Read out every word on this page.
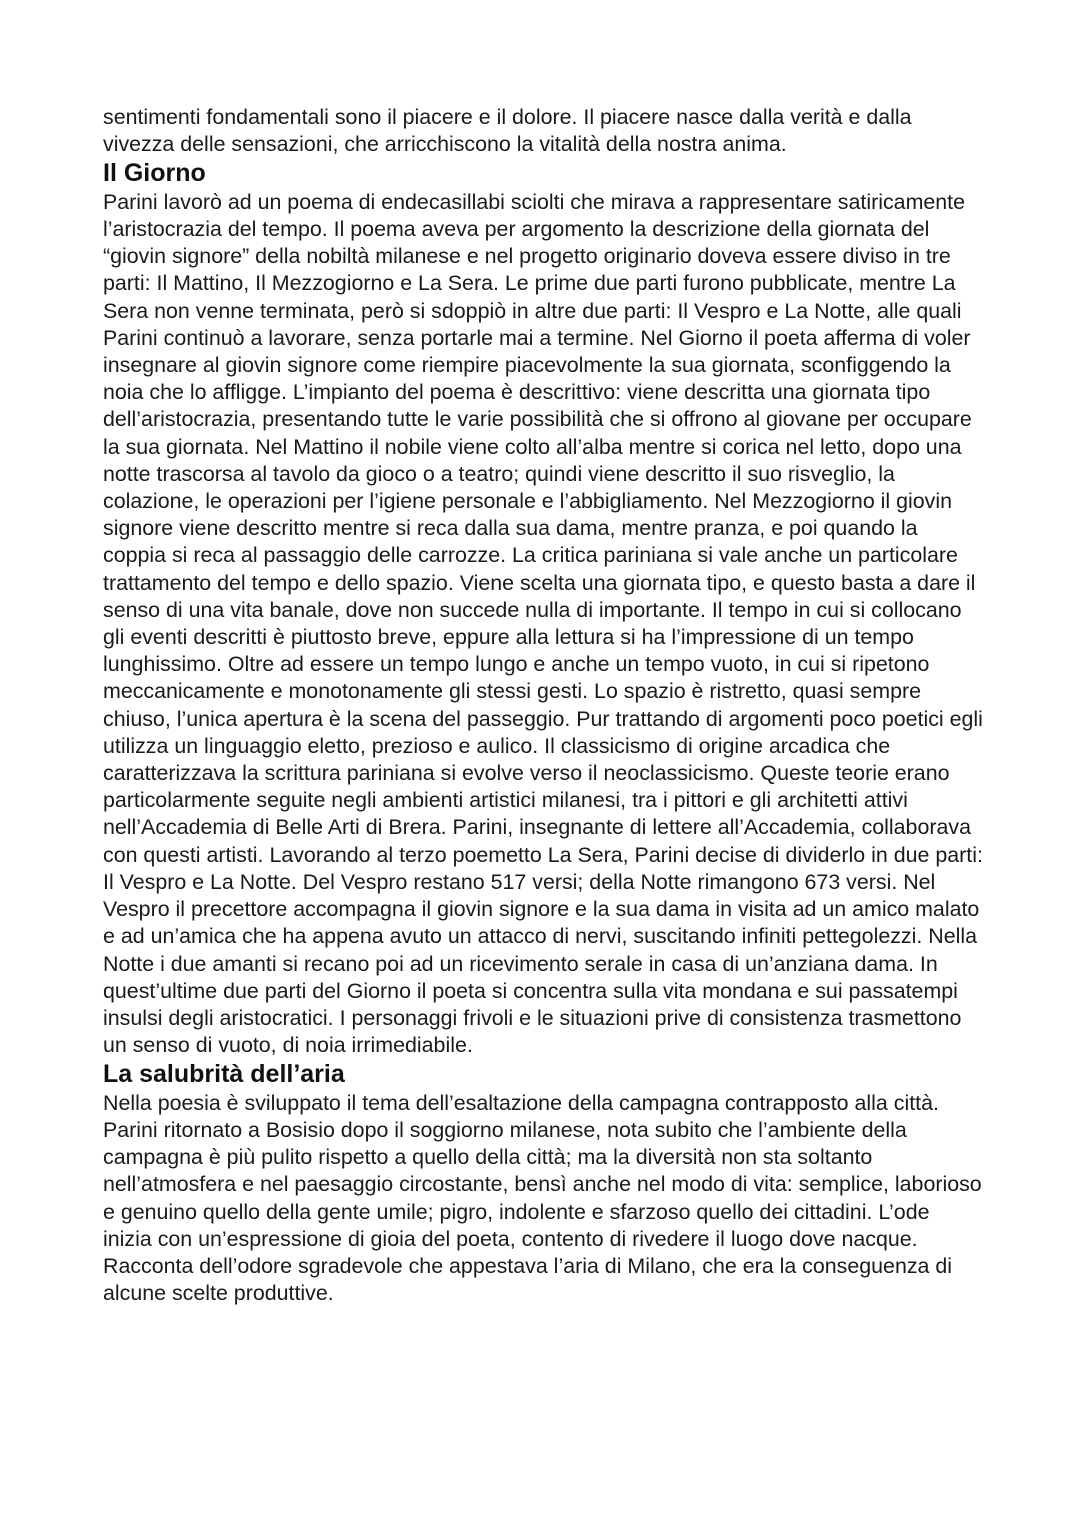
sentimenti fondamentali sono il piacere e il dolore. Il piacere nasce dalla verità e dalla vivezza delle sensazioni, che arricchiscono la vitalità della nostra anima.

Il Giorno

Parini lavorò ad un poema di endecasillabi sciolti che mirava a rappresentare satiricamente l’aristocrazia del tempo. Il poema aveva per argomento la descrizione della giornata del “giovin signore” della nobiltà milanese e nel progetto originario doveva essere diviso in tre parti: Il Mattino, Il Mezzogiorno e La Sera. Le prime due parti furono pubblicate, mentre La Sera non venne terminata, però si sdoppiò in altre due parti: Il Vespro e La Notte, alle quali Parini continuò a lavorare, senza portarle mai a termine. Nel Giorno il poeta afferma di voler insegnare al giovin signore come riempire piacevolmente la sua giornata, sconfiggendo la noia che lo affligge. L’impianto del poema è descrittivo: viene descritta una giornata tipo dell’aristocrazia, presentando tutte le varie possibilità che si offrono al giovane per occupare la sua giornata. Nel Mattino il nobile viene colto all’alba mentre si corica nel letto, dopo una notte trascorsa al tavolo da gioco o a teatro; quindi viene descritto il suo risveglio, la colazione, le operazioni per l’igiene personale e l’abbigliamento. Nel Mezzogiorno il giovin signore viene descritto mentre si reca dalla sua dama, mentre pranza, e poi quando la coppia si reca al passaggio delle carrozze. La critica pariniana si vale anche un particolare trattamento del tempo e dello spazio. Viene scelta una giornata tipo, e questo basta a dare il senso di una vita banale, dove non succede nulla di importante. Il tempo in cui si collocano gli eventi descritti è piuttosto breve, eppure alla lettura si ha l’impressione di un tempo lunghissimo. Oltre ad essere un tempo lungo e anche un tempo vuoto, in cui si ripetono meccanicamente e monotonamente gli stessi gesti. Lo spazio è ristretto, quasi sempre chiuso, l’unica apertura è la scena del passeggio. Pur trattando di argomenti poco poetici egli utilizza un linguaggio eletto, prezioso e aulico. Il classicismo di origine arcadica che caratterizzava la scrittura pariniana si evolve verso il neoclassicismo. Queste teorie erano particolarmente seguite negli ambienti artistici milanesi, tra i pittori e gli architetti attivi nell’Accademia di Belle Arti di Brera. Parini, insegnante di lettere all’Accademia, collaborava con questi artisti. Lavorando al terzo poemetto La Sera, Parini decise di dividerlo in due parti: Il Vespro e La Notte. Del Vespro restano 517 versi; della Notte rimangono 673 versi. Nel Vespro il precettore accompagna il giovin signore e la sua dama in visita ad un amico malato e ad un’amica che ha appena avuto un attacco di nervi, suscitando infiniti pettegolezzi. Nella Notte i due amanti si recano poi ad un ricevimento serale in casa di un’anziana dama. In quest’ultime due parti del Giorno il poeta si concentra sulla vita mondana e sui passatempi insulsi degli aristocratici. I personaggi frivoli e le situazioni prive di consistenza trasmettono un senso di vuoto, di noia irrimediabile.

La salubrità dell’aria

Nella poesia è sviluppato il tema dell’esaltazione della campagna contrapposto alla città. Parini ritornato a Bosisio dopo il soggiorno milanese, nota subito che l’ambiente della campagna è più pulito rispetto a quello della città; ma la diversità non sta soltanto nell’atmosfera e nel paesaggio circostante, bensì anche nel modo di vita: semplice, laborioso e genuino quello della gente umile; pigro, indolente e sfarzoso quello dei cittadini. L’ode inizia con un’espressione di gioia del poeta, contento di rivedere il luogo dove nacque. Racconta dell’odore sgradevole che appestava l’aria di Milano, che era la conseguenza di alcune scelte produttive.
